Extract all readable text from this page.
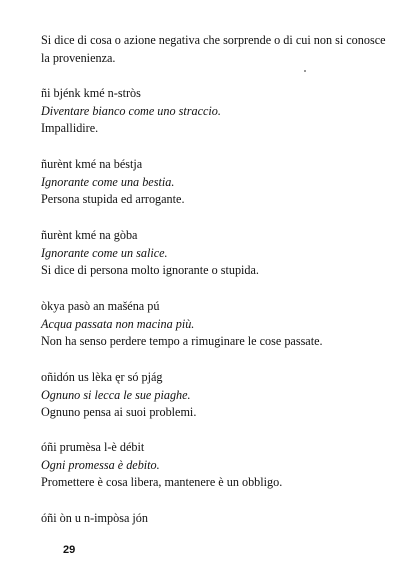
Si dice di cosa o azione negativa che sorprende o di cui non si conosce
la provenienza.
ñi bjénk kmé n-stròs
Diventare bianco come uno straccio.
Impallidire.
ñurènt kmé na béstja
Ignorante come una bestia.
Persona stupida ed arrogante.
ñurènt kmé na gòba
Ignorante come un salice.
Si dice di persona molto ignorante o stupida.
òkya pasò an mašéna pú
Acqua passata non macina più.
Non ha senso perdere tempo a rimuginare le cose passate.
oñidón us lèka ęr só pjág
Ognuno si lecca le sue piaghe.
Ognuno pensa ai suoi problemi.
óñi prumèsa l-è débit
Ogni promessa è debito.
Promettere è cosa libera, mantenere è un obbligo.
óñi òn u n-impòsa jón
29
